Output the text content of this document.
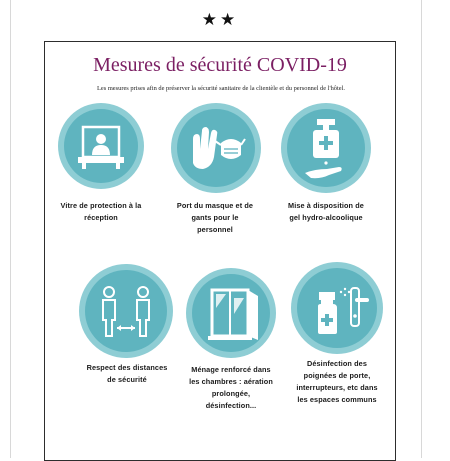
★★
Mesures de sécurité COVID-19
Les mesures prises afin de préserver la sécurité sanitaire de la clientèle et du personnel de l'hôtel.
Vitre de protection à la
réception
Port du masque et de
gants pour le
personnel
Mise à disposition de
gel hydro-alcoolique
Respect des distances
de sécurité
Ménage renforcé dans
les chambres : aération
prolongée,
désinfection...
Désinfection des
poignées de porte,
interrupteurs, etc dans
les espaces communs
